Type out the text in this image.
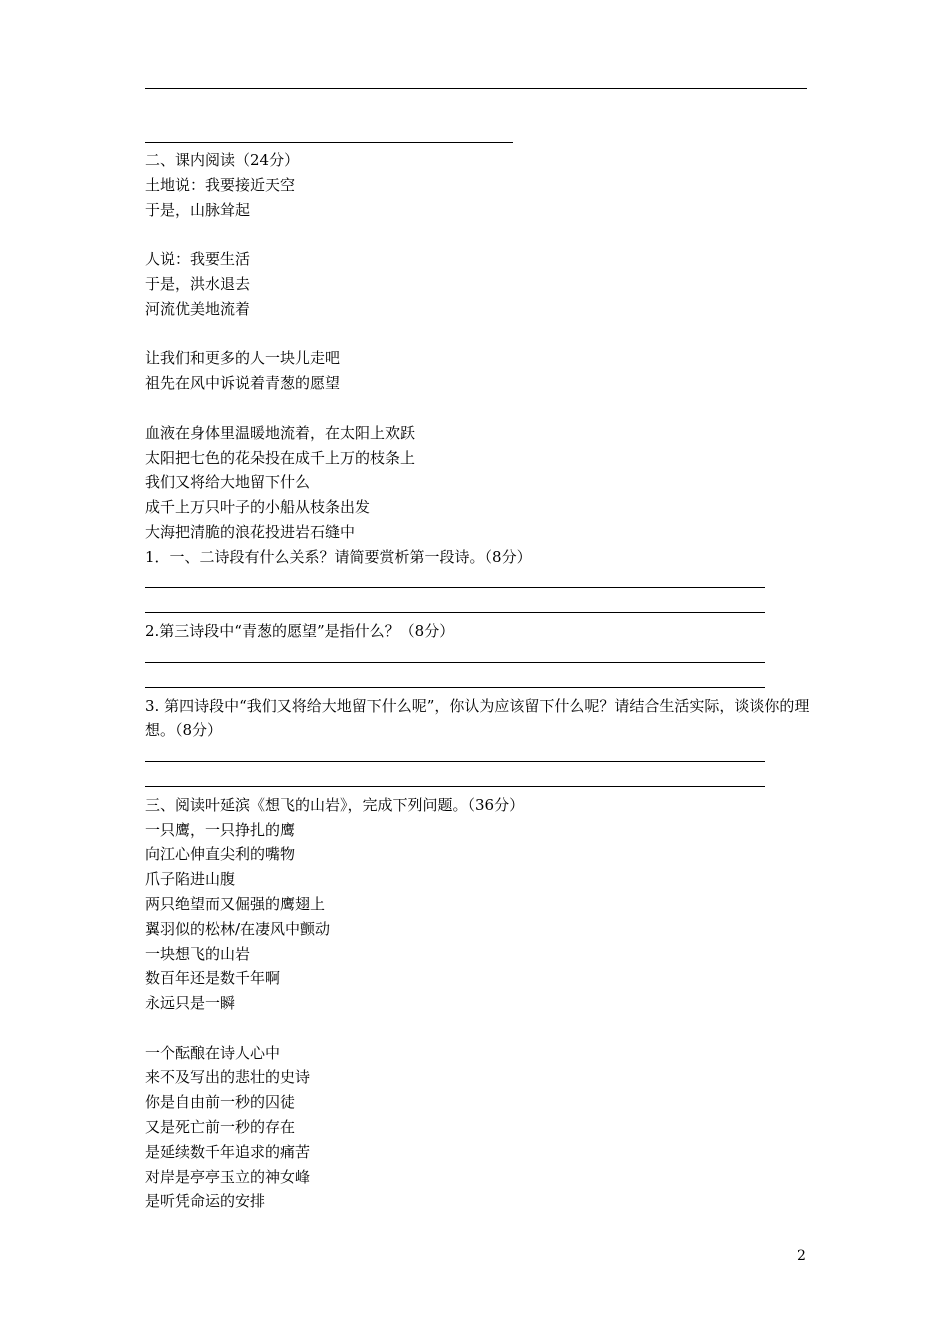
二、课内阅读（24分）
土地说：我要接近天空
于是，山脉耸起
人说：我要生活
于是，洪水退去
河流优美地流着
让我们和更多的人一块儿走吧
祖先在风中诉说着青葱的愿望
血液在身体里温暖地流着，在太阳上欢跃
太阳把七色的花朵投在成千上万的枝条上
我们又将给大地留下什么
成千上万只叶子的小船从枝条出发
大海把清脆的浪花投进岩石缝中
1．一、二诗段有什么关系？请简要赏析第一段诗。（8分）
2.第三诗段中“青葱的愿望”是指什么？（8分）
3. 第四诗段中“我们又将给大地留下什么呢”，你认为应该留下什么呢？请结合生活实际，谈谈你的理想。（8分）
三、阅读叶延滨《想飞的山岩》，完成下列问题。（36分）
一只鹰，一只挣扎的鹰
向江心伸直尖利的嘴物
爪子陷进山腹
两只绝望而又倔强的鹰翅上
翼羽似的松林/在凄风中颤动
一块想飞的山岩
数百年还是数千年啊
永远只是一瞬
一个酝酿在诗人心中
来不及写出的悲壮的史诗
你是自由前一秒的囚徒
又是死亡前一秒的存在
是延续数千年追求的痛苦
对岸是亭亭玉立的神女峰
是听凭命运的安排
2
